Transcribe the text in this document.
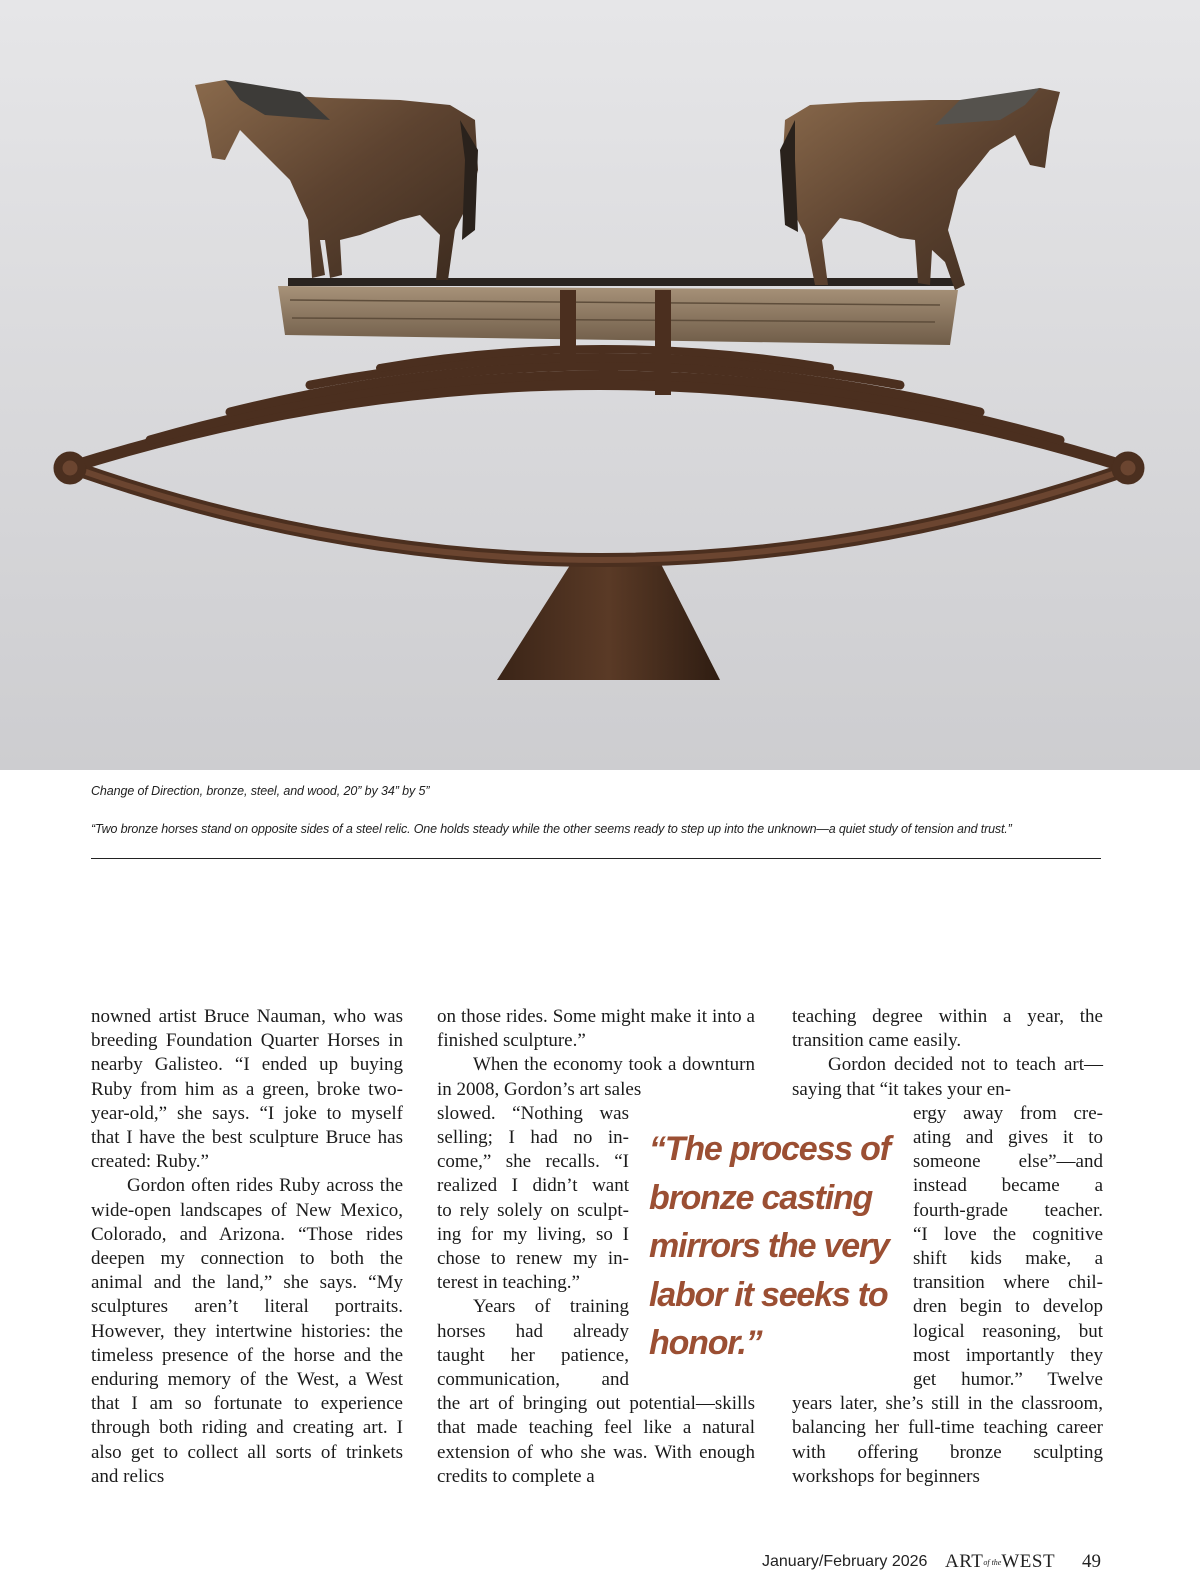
Change of Direction, bronze, steel, and wood, 20” by 34” by 5”
“Two bronze horses stand on opposite sides of a steel relic. One holds steady while the other seems ready to step up into the unknown—a quiet study of tension and trust.”

nowned artist Bruce Nauman, who was breeding Foundation Quarter Horses in nearby Galisteo. “I ended up buying Ruby from him as a green, broke two-year-old,” she says. “I joke to myself that I have the best sculpture Bruce has created: Ruby.”

Gordon often rides Ruby across the wide-open landscapes of New Mexico, Colorado, and Arizona. “Those rides deepen my connection to both the animal and the land,” she says. “My sculptures aren’t literal portraits. However, they intertwine histories: the timeless presence of the horse and the enduring memory of the West, a West that I am so fortunate to experience through both riding and creating art. I also get to collect all sorts of trinkets and relics

on those rides. Some might make it into a finished sculpture.”

When the economy took a downturn in 2008, Gordon’s art sales

slowed. “Nothing was
selling; I had no in-
come,” she recalls. “I
realized I didn’t want
to rely solely on sculpt-
ing for my living, so I
chose to renew my in-
terest in teaching.”
Years of training
horses had already
taught her patience,
communication, and

the art of bringing out potential—skills that made teaching feel like a natural extension of who she was. With enough credits to complete a

“The process of
bronze casting
mirrors the very
labor it seeks to
honor.”

teaching degree within a year, the transition came easily.

Gordon decided not to teach art—saying that “it takes your en-

ergy away from cre-
ating and gives it to
someone else”—and
instead became a
fourth-grade teacher.
“I love the cognitive
shift kids make, a
transition where chil-
dren begin to develop
logical reasoning, but
most importantly they
get humor.” Twelve

years later, she’s still in the classroom, balancing her full-time teaching career with offering bronze sculpting workshops for beginners

January/February 2026 ARTof theWEST 49
